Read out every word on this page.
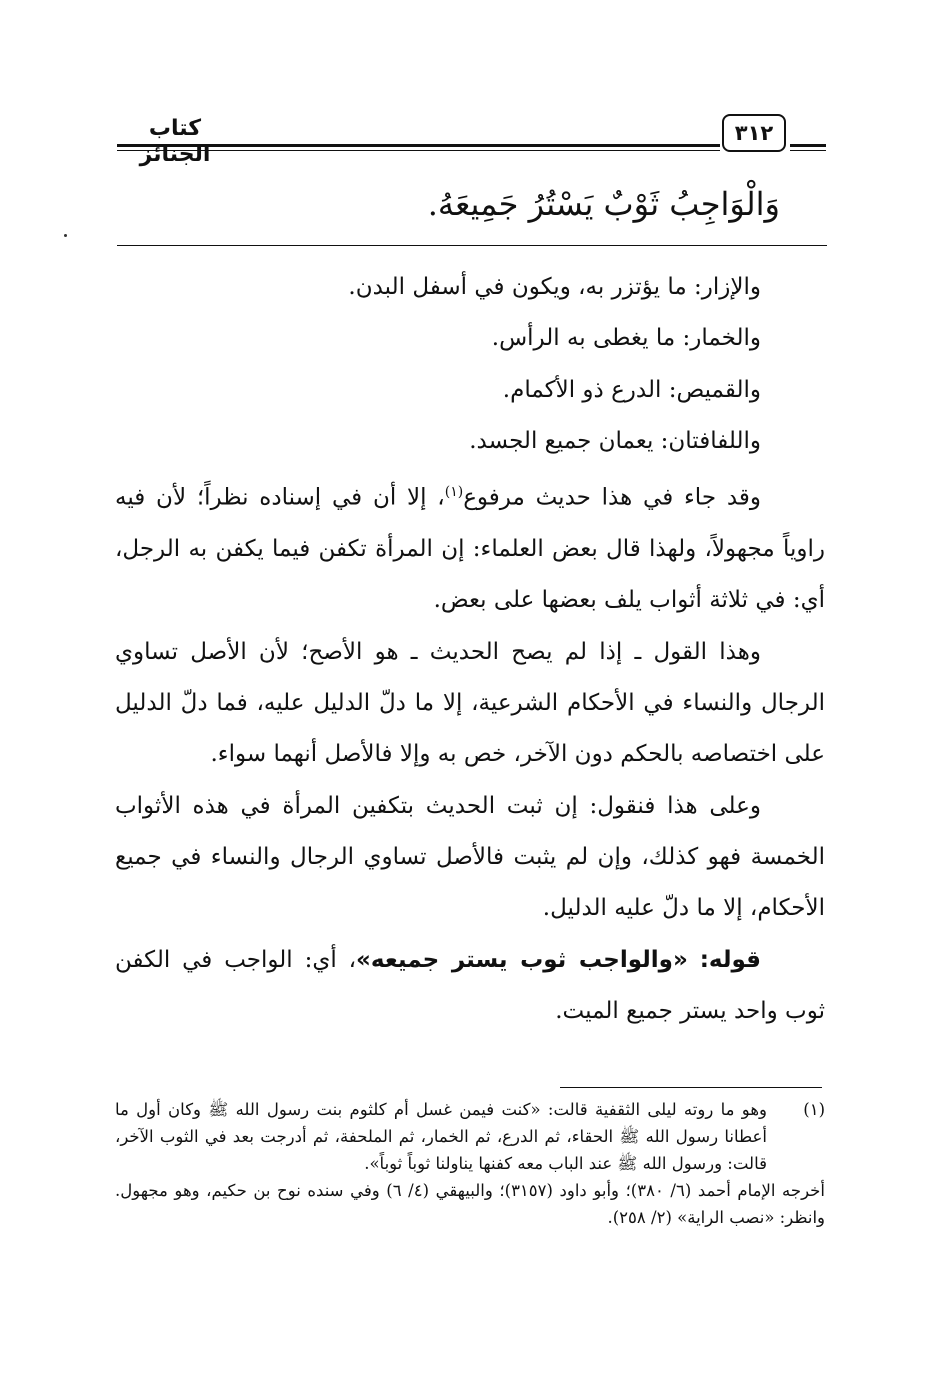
كتاب الجنائز
٣١٢
وَالْوَاجِبُ ثَوْبٌ يَسْتُرُ جَمِيعَهُ.

والإزار: ما يؤتزر به، ويكون في أسفل البدن.

والخمار: ما يغطى به الرأس.

والقميص: الدرع ذو الأكمام.

واللفافتان: يعمان جميع الجسد.

وقد جاء في هذا حديث مرفوع$^{(١)}$، إلا أن في إسناده نظراً؛ لأن فيه راوياً مجهولاً، ولهذا قال بعض العلماء: إن المرأة تكفن فيما يكفن به الرجل، أي: في ثلاثة أثواب يلف بعضها على بعض.

وهذا القول ـ إذا لم يصح الحديث ـ هو الأصح؛ لأن الأصل تساوي الرجال والنساء في الأحكام الشرعية، إلا ما دلّ الدليل عليه، فما دلّ الدليل على اختصاصه بالحكم دون الآخر، خص به وإلا فالأصل أنهما سواء.

وعلى هذا فنقول: إن ثبت الحديث بتكفين المرأة في هذه الأثواب الخمسة فهو كذلك، وإن لم يثبت فالأصل تساوي الرجال والنساء في جميع الأحكام، إلا ما دلّ عليه الدليل.

قوله: «والواجب ثوب يستر جميعه»، أي: الواجب في الكفن ثوب واحد يستر جميع الميت.

(١)
وهو ما روته ليلى الثقفية قالت: «كنت فيمن غسل أم كلثوم بنت رسول الله ﷺ وكان أول ما أعطانا رسول الله ﷺ الحقاء، ثم الدرع، ثم الخمار، ثم الملحفة، ثم أدرجت بعد في الثوب الآخر، قالت: ورسول الله ﷺ عند الباب معه كفنها يناولنا ثوباً ثوباً».
أخرجه الإمام أحمد (٦/ ٣٨٠)؛ وأبو داود (٣١٥٧)؛ والبيهقي (٤/ ٦) وفي سنده نوح بن حكيم، وهو مجهول. وانظر: «نصب الراية» (٢/ ٢٥٨).
